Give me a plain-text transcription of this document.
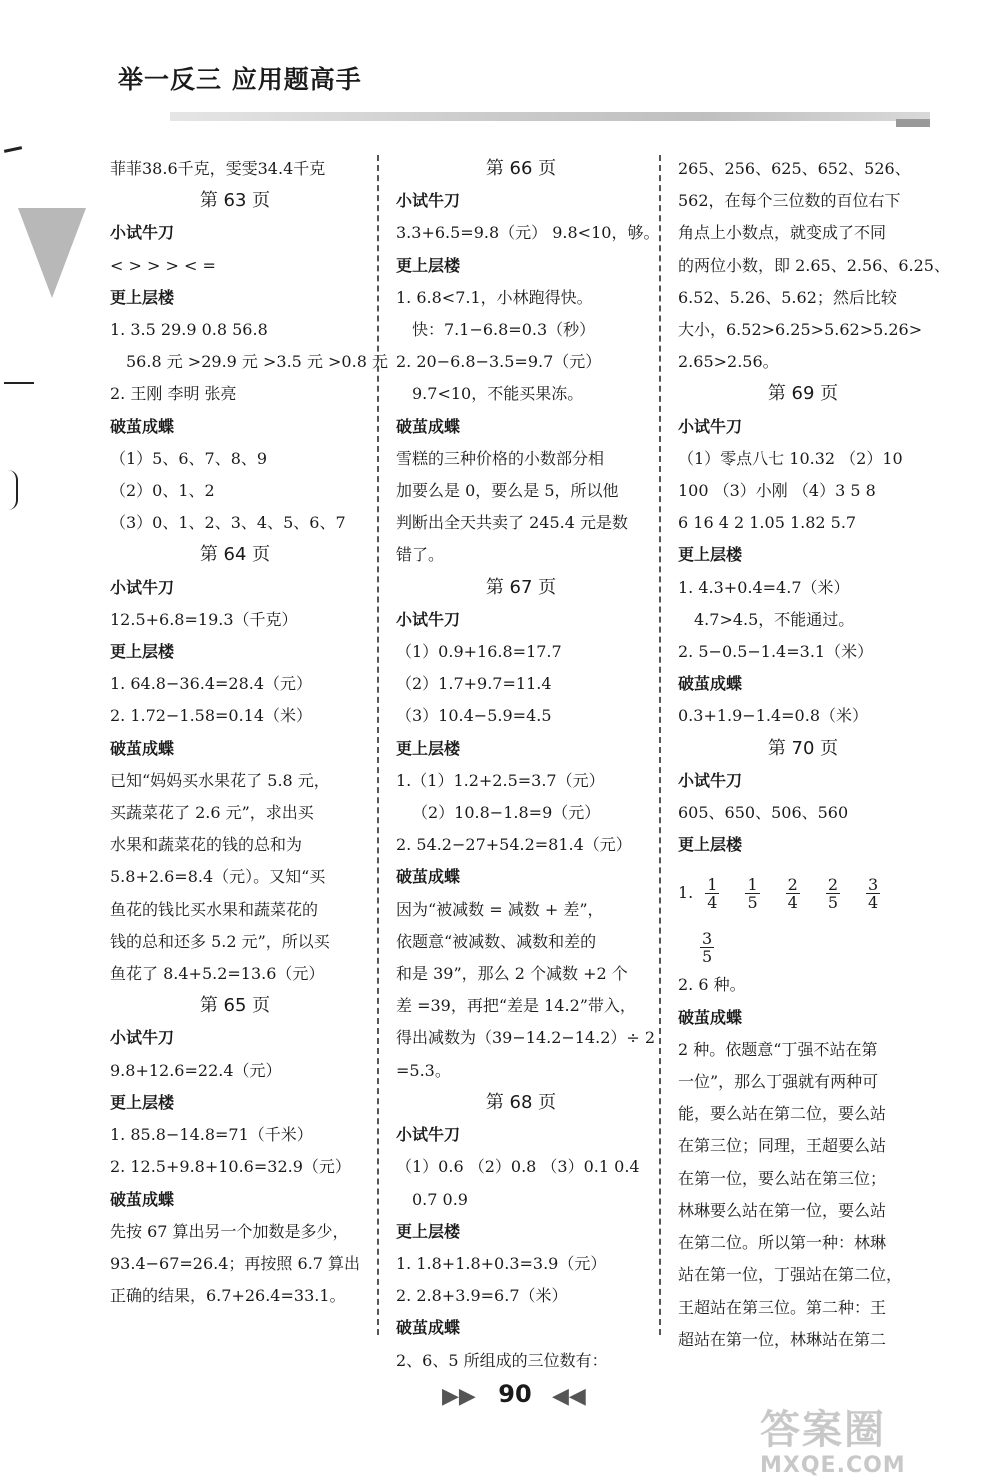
举一反三 应用题高手

菲菲38.6千克，雯雯34.4千克

第 63 页

小试牛刀

< > > > < =

更上层楼

1. 3.5 29.9 0.8 56.8

56.8 元 >29.9 元 >3.5 元 >0.8 元

2. 王刚 李明 张亮

破茧成蝶

（1）5、6、7、8、9

（2）0、1、2

（3）0、1、2、3、4、5、6、7

第 64 页

小试牛刀

12.5+6.8=19.3（千克）

更上层楼

1. 64.8−36.4=28.4（元）

2. 1.72−1.58=0.14（米）

破茧成蝶

已知“妈妈买水果花了 5.8 元，

买蔬菜花了 2.6 元”，求出买

水果和蔬菜花的钱的总和为

5.8+2.6=8.4（元）。又知“买

鱼花的钱比买水果和蔬菜花的

钱的总和还多 5.2 元”，所以买

鱼花了 8.4+5.2=13.6（元）

第 65 页

小试牛刀

9.8+12.6=22.4（元）

更上层楼

1. 85.8−14.8=71（千米）

2. 12.5+9.8+10.6=32.9（元）

破茧成蝶

先按 67 算出另一个加数是多少，

93.4−67=26.4；再按照 6.7 算出

正确的结果，6.7+26.4=33.1。

第 66 页

小试牛刀

3.3+6.5=9.8（元） 9.8<10，够。

更上层楼

1. 6.8<7.1，小林跑得快。

快：7.1−6.8=0.3（秒）

2. 20−6.8−3.5=9.7（元）

9.7<10，不能买果冻。

破茧成蝶

雪糕的三种价格的小数部分相

加要么是 0，要么是 5，所以他

判断出全天共卖了 245.4 元是数

错了。

第 67 页

小试牛刀

（1）0.9+16.8=17.7

（2）1.7+9.7=11.4

（3）10.4−5.9=4.5

更上层楼

1.（1）1.2+2.5=3.7（元）

（2）10.8−1.8=9（元）

2. 54.2−27+54.2=81.4（元）

破茧成蝶

因为“被减数 = 减数 + 差”，

依题意“被减数、减数和差的

和是 39”，那么 2 个减数 +2 个

差 =39，再把“差是 14.2”带入，

得出减数为（39−14.2−14.2）÷ 2

=5.3。

第 68 页

小试牛刀

（1）0.6 （2）0.8 （3）0.1 0.4

0.7 0.9

更上层楼

1. 1.8+1.8+0.3=3.9（元）

2. 2.8+3.9=6.7（米）

破茧成蝶

2、6、5 所组成的三位数有：

265、256、625、652、526、

562，在每个三位数的百位右下

角点上小数点，就变成了不同

的两位小数，即 2.65、2.56、6.25、

6.52、5.26、5.62；然后比较

大小，6.52>6.25>5.62>5.26>

2.65>2.56。

第 69 页

小试牛刀

（1）零点八七 10.32 （2）10

100 （3）小刚 （4）3 5 8

6 16 4 2 1.05 1.82 5.7

更上层楼

1. 4.3+0.4=4.7（米）

4.7>4.5，不能通过。

2. 5−0.5−1.4=3.1（米）

破茧成蝶

0.3+1.9−1.4=0.8（米）

第 70 页

小试牛刀

605、650、506、560

更上层楼

1. $\frac{1}{4} \frac{1}{5} \frac{2}{4} \frac{2}{5} \frac{3}{4}$
$\frac{3}{5}$

2. 6 种。

破茧成蝶

2 种。依题意“丁强不站在第

一位”，那么丁强就有两种可

能，要么站在第二位，要么站

在第三位；同理，王超要么站

在第一位，要么站在第三位；

林琳要么站在第一位，要么站

在第二位。所以第一种：林琳

站在第一位，丁强站在第二位，

王超站在第三位。第二种：王

超站在第一位，林琳站在第二

▶▶ 90 ◀◀
答案圈
MXQE.COM
